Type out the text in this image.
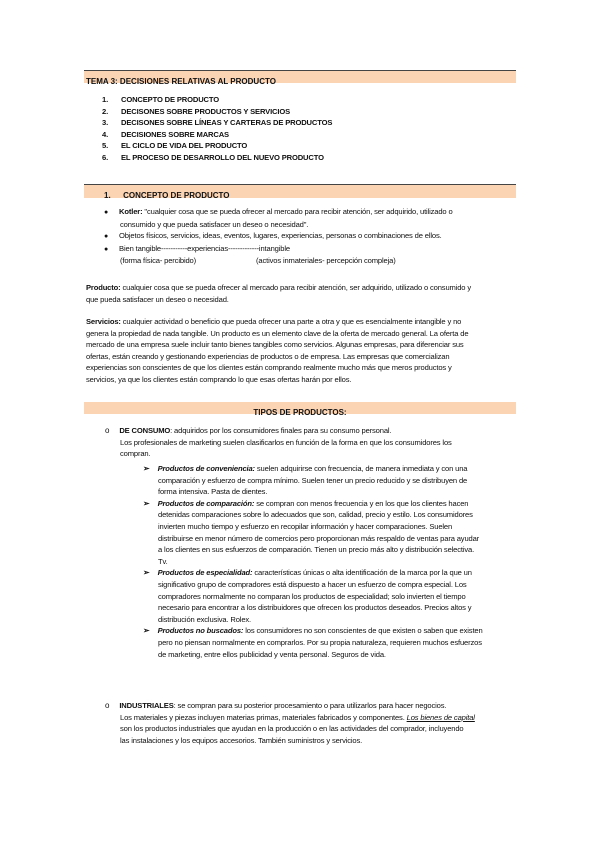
TEMA 3: DECISIONES RELATIVAS AL PRODUCTO
1. CONCEPTO DE PRODUCTO
2. DECISONES SOBRE PRODUCTOS Y SERVICIOS
3. DECISONES SOBRE LÍNEAS Y CARTERAS DE PRODUCTOS
4. DECISIONES SOBRE MARCAS
5. EL CICLO DE VIDA DEL PRODUCTO
6. EL PROCESO DE DESARROLLO DEL NUEVO PRODUCTO
1. CONCEPTO DE PRODUCTO
● Kotler: "cualquier cosa que se pueda ofrecer al mercado para recibir atención, ser adquirido, utilizado o
consumido y que pueda satisfacer un deseo o necesidad".
● Objetos físicos, servicios, ideas, eventos, lugares, experiencias, personas o combinaciones de ellos.
● Bien tangible-----------experiencias-------------intangible
(forma física- percibido)	(activos inmateriales- percepción compleja)
Producto: cualquier cosa que se pueda ofrecer al mercado para recibir atención, ser adquirido, utilizado o consumido y
que pueda satisfacer un deseo o necesidad.
Servicios: cualquier actividad o beneficio que pueda ofrecer una parte a otra y que es esencialmente intangible y no
genera la propiedad de nada tangible. Un producto es un elemento clave de la oferta de mercado general. La oferta de
mercado de una empresa suele incluir tanto bienes tangibles como servicios. Algunas empresas, para diferenciar sus
ofertas, están creando y gestionando experiencias de productos o de empresa. Las empresas que comercializan
experiencias son conscientes de que los clientes están comprando realmente mucho más que meros productos y
servicios, ya que los clientes están comprando lo que esas ofertas harán por ellos.
TIPOS DE PRODUCTOS:
o DE CONSUMO: adquiridos por los consumidores finales para su consumo personal.
Los profesionales de marketing suelen clasificarlos en función de la forma en que los consumidores los
compran.
➢ Productos de conveniencia: suelen adquirirse con frecuencia, de manera inmediata y con una
comparación y esfuerzo de compra mínimo. Suelen tener un precio reducido y se distribuyen de
forma intensiva. Pasta de dientes.
➢ Productos de comparación: se compran con menos frecuencia y en los que los clientes hacen
detenidas comparaciones sobre lo adecuados que son, calidad, precio y estilo. Los consumidores
invierten mucho tiempo y esfuerzo en recopilar información y hacer comparaciones. Suelen
distribuirse en menor número de comercios pero proporcionan más respaldo de ventas para ayudar
a los clientes en sus esfuerzos de comparación. Tienen un precio más alto y distribución selectiva.
Tv.
➢ Productos de especialidad: características únicas o alta identificación de la marca por la que un
significativo grupo de compradores está dispuesto a hacer un esfuerzo de compra especial. Los
compradores normalmente no comparan los productos de especialidad; solo invierten el tiempo
necesario para encontrar a los distribuidores que ofrecen los productos deseados. Precios altos y
distribución exclusiva. Rolex.
➢ Productos no buscados: los consumidores no son conscientes de que existen o saben que existen
pero no piensan normalmente en comprarlos. Por su propia naturaleza, requieren muchos esfuerzos
de marketing, entre ellos publicidad y venta personal. Seguros de vida.
o INDUSTRIALES: se compran para su posterior procesamiento o para utilizarlos para hacer negocios.
Los materiales y piezas incluyen materias primas, materiales fabricados y componentes. Los bienes de capital
son los productos industriales que ayudan en la producción o en las actividades del comprador, incluyendo
las instalaciones y los equipos accesorios. También suministros y servicios.
